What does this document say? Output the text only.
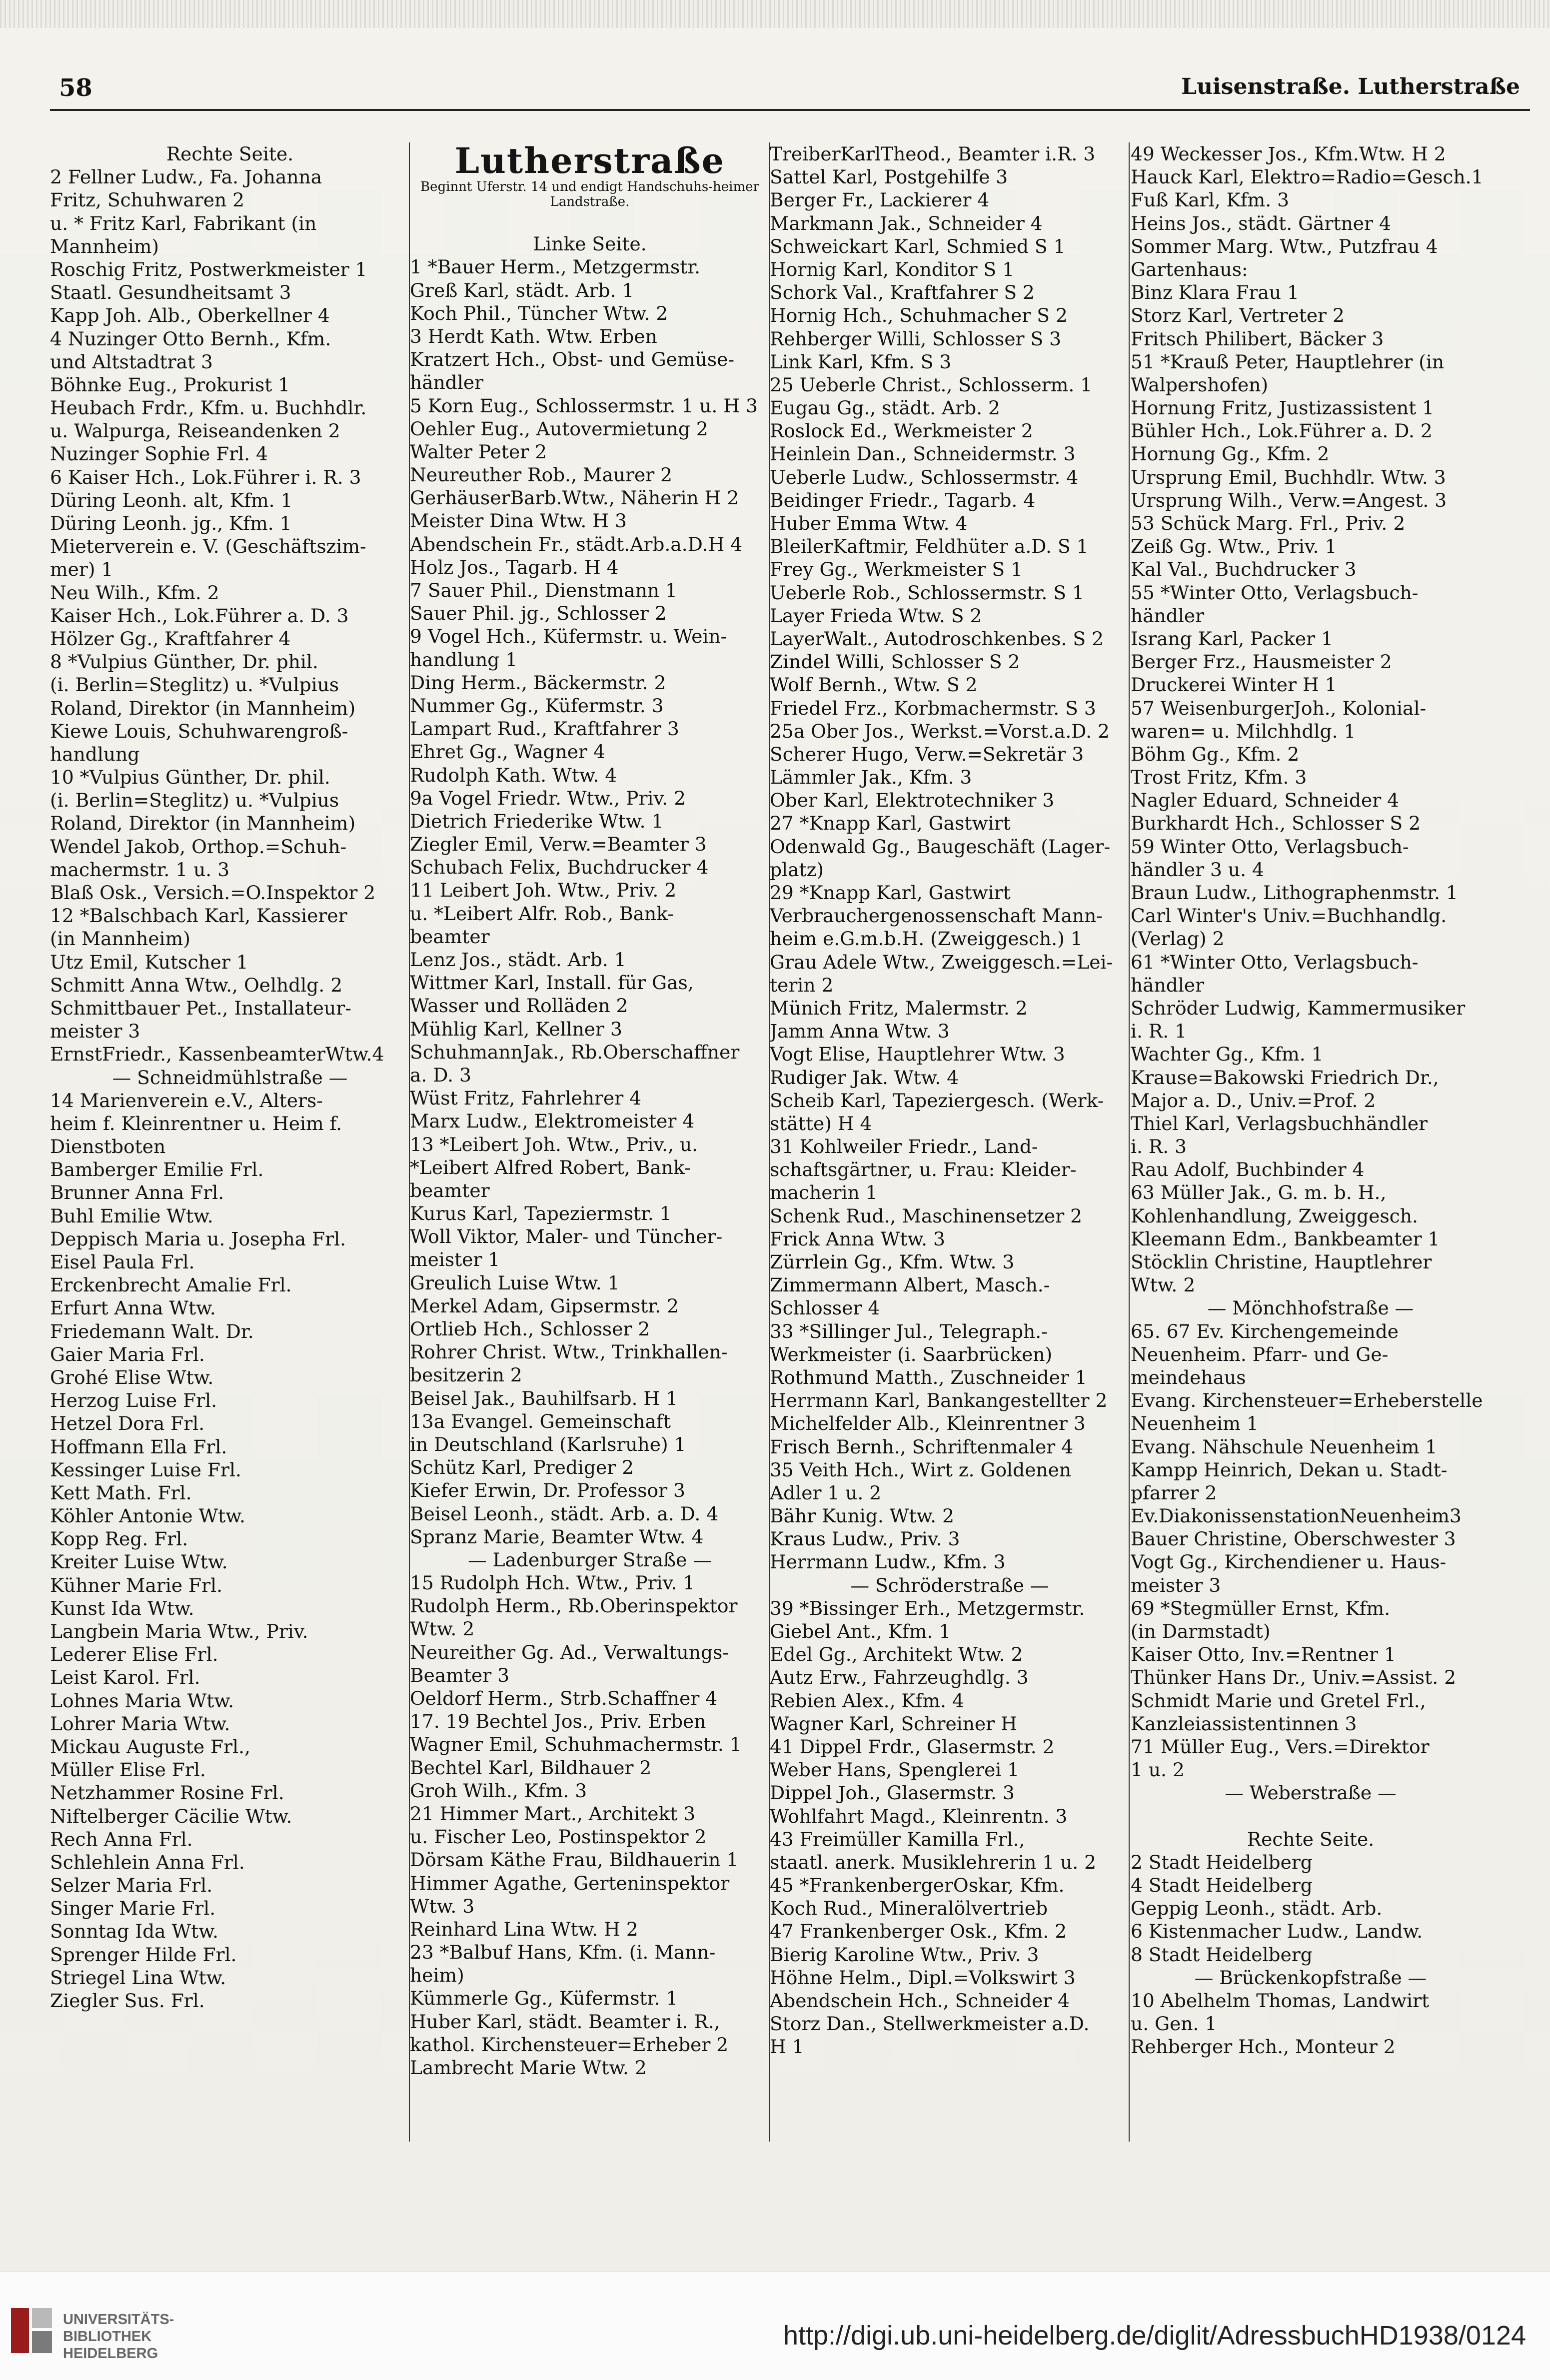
58	Luisenstraße. Lutherstraße
Rechte Seite.
2 Fellner Ludw., Fa. Johanna
Fritz, Schuhwaren 2
u. * Fritz Karl, Fabrikant (in
Mannheim)
Roschig Fritz, Postwerkmeister 1
Staatl. Gesundheitsamt 3
Kapp Joh. Alb., Oberkellner 4
4 Nuzinger Otto Bernh., Kfm.
und Altstadtrat 3
Böhnke Eug., Prokurist 1
Heubach Frdr., Kfm. u. Buchhdlr.
u. Walpurga, Reiseandenken 2
Nuzinger Sophie Frl. 4
6 Kaiser Hch., Lok.Führer i. R. 3
Düring Leonh. alt, Kfm. 1
Düring Leonh. jg., Kfm. 1
Mieterverein e. V. (Geschäftszim-
mer) 1
Neu Wilh., Kfm. 2
Kaiser Hch., Lok.Führer a. D. 3
Hölzer Gg., Kraftfahrer 4
8 *Vulpius Günther, Dr. phil.
(i. Berlin=Steglitz) u. *Vulpius
Roland, Direktor (in Mannheim)
Kiewe Louis, Schuhwarengroß-
handlung
10 *Vulpius Günther, Dr. phil.
(i. Berlin=Steglitz) u. *Vulpius
Roland, Direktor (in Mannheim)
Wendel Jakob, Orthop.=Schuh-
machermstr. 1 u. 3
Blaß Osk., Versich.=O.Inspektor 2
12 *Balschbach Karl, Kassierer
(in Mannheim)
Utz Emil, Kutscher 1
Schmitt Anna Wtw., Oelhdlg. 2
Schmittbauer Pet., Installateur-
meister 3
ErnstFriedr., KassenbeamterWtw.4
— Schneidmühlstraße —
14 Marienverein e.V., Alters-
heim f. Kleinrentner u. Heim f.
Dienstboten
Bamberger Emilie Frl.
Brunner Anna Frl.
Buhl Emilie Wtw.
Deppisch Maria u. Josepha Frl.
Eisel Paula Frl.
Erckenbrecht Amalie Frl.
Erfurt Anna Wtw.
Friedemann Walt. Dr.
Gaier Maria Frl.
Grohé Elise Wtw.
Herzog Luise Frl.
Hetzel Dora Frl.
Hoffmann Ella Frl.
Kessinger Luise Frl.
Kett Math. Frl.
Köhler Antonie Wtw.
Kopp Reg. Frl.
Kreiter Luise Wtw.
Kühner Marie Frl.
Kunst Ida Wtw.
Langbein Maria Wtw., Priv.
Lederer Elise Frl.
Leist Karol. Frl.
Lohnes Maria Wtw.
Lohrer Maria Wtw.
Mickau Auguste Frl.,
Müller Elise Frl.
Netzhammer Rosine Frl.
Niftelberger Cäcilie Wtw.
Rech Anna Frl.
Schlehlein Anna Frl.
Selzer Maria Frl.
Singer Marie Frl.
Sonntag Ida Wtw.
Sprenger Hilde Frl.
Striegel Lina Wtw.
Ziegler Sus. Frl.
Lutherstraße
Beginnt Uferstr. 14 und endigt Handschuhs-heimer Landstraße.
Linke Seite.
1 *Bauer Herm., Metzgermstr.
Greß Karl, städt. Arb. 1
Koch Phil., Tüncher Wtw. 2
3 Herdt Kath. Wtw. Erben
Kratzert Hch., Obst- und Gemüse-
händler
5 Korn Eug., Schlossermstr. 1 u. H 3
Oehler Eug., Autovermietung 2
Walter Peter 2
Neureuther Rob., Maurer 2
GerhäuserBarb.Wtw., Näherin H 2
Meister Dina Wtw. H 3
Abendschein Fr., städt.Arb.a.D.H 4
Holz Jos., Tagarb. H 4
7 Sauer Phil., Dienstmann 1
Sauer Phil. jg., Schlosser 2
9 Vogel Hch., Küfermstr. u. Wein-
handlung 1
Ding Herm., Bäckermstr. 2
Nummer Gg., Küfermstr. 3
Lampart Rud., Kraftfahrer 3
Ehret Gg., Wagner 4
Rudolph Kath. Wtw. 4
9a Vogel Friedr. Wtw., Priv. 2
Dietrich Friederike Wtw. 1
Ziegler Emil, Verw.=Beamter 3
Schubach Felix, Buchdrucker 4
11 Leibert Joh. Wtw., Priv. 2
u. *Leibert Alfr. Rob., Bank-
beamter
Lenz Jos., städt. Arb. 1
Wittmer Karl, Install. für Gas,
Wasser und Rolläden 2
Mühlig Karl, Kellner 3
SchuhmannJak., Rb.Oberschaffner
a. D. 3
Wüst Fritz, Fahrlehrer 4
Marx Ludw., Elektromeister 4
13 *Leibert Joh. Wtw., Priv., u.
*Leibert Alfred Robert, Bank-
beamter
Kurus Karl, Tapeziermstr. 1
Woll Viktor, Maler- und Tüncher-
meister 1
Greulich Luise Wtw. 1
Merkel Adam, Gipsermstr. 2
Ortlieb Hch., Schlosser 2
Rohrer Christ. Wtw., Trinkhallen-
besitzerin 2
Beisel Jak., Bauhilfsarb. H 1
13a Evangel. Gemeinschaft
in Deutschland (Karlsruhe) 1
Schütz Karl, Prediger 2
Kiefer Erwin, Dr. Professor 3
Beisel Leonh., städt. Arb. a. D. 4
Spranz Marie, Beamter Wtw. 4
— Ladenburger Straße —
15 Rudolph Hch. Wtw., Priv. 1
Rudolph Herm., Rb.Oberinspektor
Wtw. 2
Neureither Gg. Ad., Verwaltungs-
Beamter 3
Oeldorf Herm., Strb.Schaffner 4
17. 19 Bechtel Jos., Priv. Erben
Wagner Emil, Schuhmachermstr. 1
Bechtel Karl, Bildhauer 2
Groh Wilh., Kfm. 3
21 Himmer Mart., Architekt 3
u. Fischer Leo, Postinspektor 2
Dörsam Käthe Frau, Bildhauerin 1
Himmer Agathe, Gerteninspektor
Wtw. 3
Reinhard Lina Wtw. H 2
23 *Balbuf Hans, Kfm. (i. Mann-
heim)
Kümmerle Gg., Küfermstr. 1
Huber Karl, städt. Beamter i. R.,
kathol. Kirchensteuer=Erheber 2
Lambrecht Marie Wtw. 2
TreiberKarlTheod., Beamter i.R. 3
Sattel Karl, Postgehilfe 3
Berger Fr., Lackierer 4
Markmann Jak., Schneider 4
Schweickart Karl, Schmied S 1
Hornig Karl, Konditor S 1
Schork Val., Kraftfahrer S 2
Hornig Hch., Schuhmacher S 2
Rehberger Willi, Schlosser S 3
Link Karl, Kfm. S 3
25 Ueberle Christ., Schlosserm. 1
Eugau Gg., städt. Arb. 2
Roslock Ed., Werkmeister 2
Heinlein Dan., Schneidermstr. 3
Ueberle Ludw., Schlossermstr. 4
Beidinger Friedr., Tagarb. 4
Huber Emma Wtw. 4
BleilerKaftmir, Feldhüter a.D. S 1
Frey Gg., Werkmeister S 1
Ueberle Rob., Schlossermstr. S 1
Layer Frieda Wtw. S 2
LayerWalt., Autodroschkenbes. S 2
Zindel Willi, Schlosser S 2
Wolf Bernh., Wtw. S 2
Friedel Frz., Korbmachermstr. S 3
25a Ober Jos., Werkst.=Vorst.a.D. 2
Scherer Hugo, Verw.=Sekretär 3
Lämmler Jak., Kfm. 3
Ober Karl, Elektrotechniker 3
27 *Knapp Karl, Gastwirt
Odenwald Gg., Baugeschäft (Lager-
platz)
29 *Knapp Karl, Gastwirt
Verbrauchergenossenschaft Mann-
heim e.G.m.b.H. (Zweiggesch.) 1
Grau Adele Wtw., Zweiggesch.=Lei-
terin 2
Münich Fritz, Malermstr. 2
Jamm Anna Wtw. 3
Vogt Elise, Hauptlehrer Wtw. 3
Rudiger Jak. Wtw. 4
Scheib Karl, Tapeziergesch. (Werk-
stätte) H 4
31 Kohlweiler Friedr., Land-
schaftsgärtner, u. Frau: Kleider-
macherin 1
Schenk Rud., Maschinensetzer 2
Frick Anna Wtw. 3
Zürrlein Gg., Kfm. Wtw. 3
Zimmermann Albert, Masch.-
Schlosser 4
33 *Sillinger Jul., Telegraph.-
Werkmeister (i. Saarbrücken)
Rothmund Matth., Zuschneider 1
Herrmann Karl, Bankangestellter 2
Michelfelder Alb., Kleinrentner 3
Frisch Bernh., Schriftenmaler 4
35 Veith Hch., Wirt z. Goldenen
Adler 1 u. 2
Bähr Kunig. Wtw. 2
Kraus Ludw., Priv. 3
Herrmann Ludw., Kfm. 3
— Schröderstraße —
39 *Bissinger Erh., Metzgermstr.
Giebel Ant., Kfm. 1
Edel Gg., Architekt Wtw. 2
Autz Erw., Fahrzeughdlg. 3
Rebien Alex., Kfm. 4
Wagner Karl, Schreiner H
41 Dippel Frdr., Glasermstr. 2
Weber Hans, Spenglerei 1
Dippel Joh., Glasermstr. 3
Wohlfahrt Magd., Kleinrentn. 3
43 Freimüller Kamilla Frl.,
staatl. anerk. Musiklehrerin 1 u. 2
45 *FrankenbergerOskar, Kfm.
Koch Rud., Mineralölvertrieb
47 Frankenberger Osk., Kfm. 2
Bierig Karoline Wtw., Priv. 3
Höhne Helm., Dipl.=Volkswirt 3
Abendschein Hch., Schneider 4
Storz Dan., Stellwerkmeister a.D.
H 1
49 Weckesser Jos., Kfm.Wtw. H 2
Hauck Karl, Elektro=Radio=Gesch.1
Fuß Karl, Kfm. 3
Heins Jos., städt. Gärtner 4
Sommer Marg. Wtw., Putzfrau 4
Gartenhaus:
Binz Klara Frau 1
Storz Karl, Vertreter 2
Fritsch Philibert, Bäcker 3
51 *Krauß Peter, Hauptlehrer (in
Walpershofen)
Hornung Fritz, Justizassistent 1
Bühler Hch., Lok.Führer a. D. 2
Hornung Gg., Kfm. 2
Ursprung Emil, Buchhdlr. Wtw. 3
Ursprung Wilh., Verw.=Angest. 3
53 Schück Marg. Frl., Priv. 2
Zeiß Gg. Wtw., Priv. 1
Kal Val., Buchdrucker 3
55 *Winter Otto, Verlagsbuch-
händler
Israng Karl, Packer 1
Berger Frz., Hausmeister 2
Druckerei Winter H 1
57 WeisenburgerJoh., Kolonial-
waren= u. Milchhdlg. 1
Böhm Gg., Kfm. 2
Trost Fritz, Kfm. 3
Nagler Eduard, Schneider 4
Burkhardt Hch., Schlosser S 2
59 Winter Otto, Verlagsbuch-
händler 3 u. 4
Braun Ludw., Lithographenmstr. 1
Carl Winter's Univ.=Buchhandlg.
(Verlag) 2
61 *Winter Otto, Verlagsbuch-
händler
Schröder Ludwig, Kammermusiker
i. R. 1
Wachter Gg., Kfm. 1
Krause=Bakowski Friedrich Dr.,
Major a. D., Univ.=Prof. 2
Thiel Karl, Verlagsbuchhändler
i. R. 3
Rau Adolf, Buchbinder 4
63 Müller Jak., G. m. b. H.,
Kohlenhandlung, Zweiggesch.
Kleemann Edm., Bankbeamter 1
Stöcklin Christine, Hauptlehrer
Wtw. 2
— Mönchhofstraße —
65. 67 Ev. Kirchengemeinde
Neuenheim. Pfarr- und Ge-
meindehaus
Evang. Kirchensteuer=Erheberstelle
Neuenheim 1
Evang. Nähschule Neuenheim 1
Kampp Heinrich, Dekan u. Stadt-
pfarrer 2
Ev.DiakonissenstationNeuenheim3
Bauer Christine, Oberschwester 3
Vogt Gg., Kirchendiener u. Haus-
meister 3
69 *Stegmüller Ernst, Kfm.
(in Darmstadt)
Kaiser Otto, Inv.=Rentner 1
Thünker Hans Dr., Univ.=Assist. 2
Schmidt Marie und Gretel Frl.,
Kanzleiassistentinnen 3
71 Müller Eug., Vers.=Direktor
1 u. 2
— Weberstraße —
Rechte Seite.
2 Stadt Heidelberg
4 Stadt Heidelberg
Geppig Leonh., städt. Arb.
6 Kistenmacher Ludw., Landw.
8 Stadt Heidelberg
— Brückenkopfstraße —
10 Abelhelm Thomas, Landwirt
u. Gen. 1
Rehberger Hch., Monteur 2
UNIVERSITÄTS-
BIBLIOTHEK
HEIDELBERG
http://digi.ub.uni-heidelberg.de/diglit/AdressbuchHD1938/0124
